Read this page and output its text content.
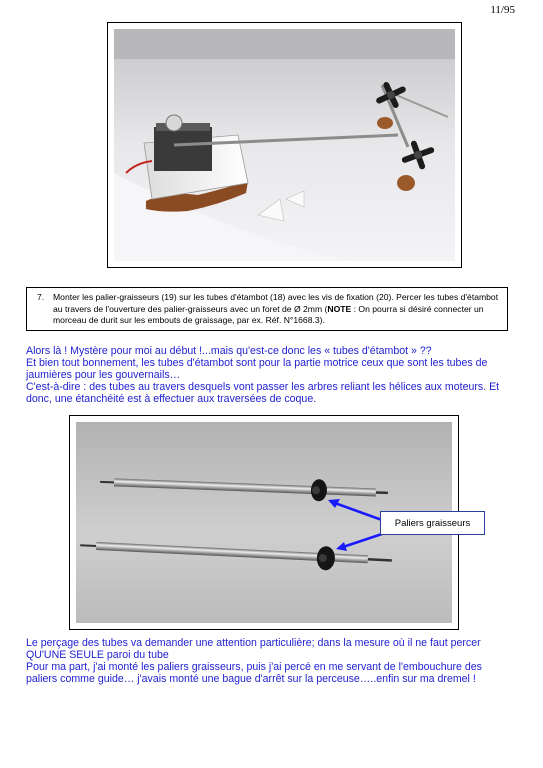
11/95
7. Monter les palier-graisseurs (19) sur les tubes d'étambot (18) avec les vis de fixation (20). Percer les tubes d'étambot au travers de l'ouverture des palier-graisseurs avec un foret de Ø 2mm (NOTE : On pourra si désiré connecter un morceau de durit sur les embouts de graissage, par ex. Réf. N°1668.3).

Alors là ! Mystère pour moi au début !...mais qu'est-ce donc les « tubes d'étambot » ??

Et bien tout bonnement, les tubes d'étambot sont pour la partie motrice ceux que sont les tubes de

jaumières pour les gouvernails…

C'est-à-dire : des tubes au travers desquels vont passer les arbres reliant les hélices aux moteurs. Et

donc, une étanchéité est à effectuer aux traversées de coque.

Paliers graisseurs

Le perçage des tubes va demander une attention particulière; dans la mesure où il ne faut percer

QU'UNE SEULE paroi du tube

Pour ma part, j'ai monté les paliers graisseurs, puis j'ai percé en me servant de l'embouchure des

paliers comme guide… j'avais monté une bague d'arrêt sur la perceuse…..enfin sur ma dremel !
